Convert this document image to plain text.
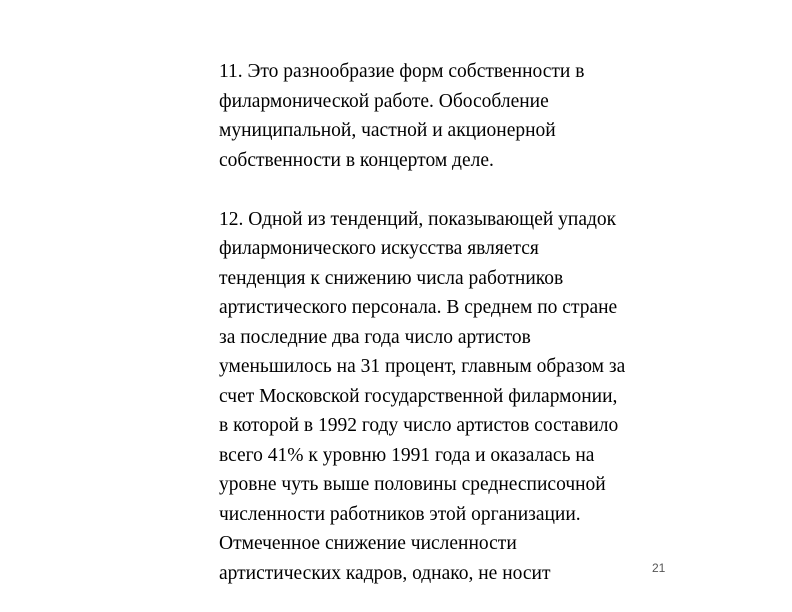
11. Это разнообразие форм собственности в
филармонической работе. Обособление
муниципальной, частной и акционерной
собственности в концертом деле.

12. Одной из тенденций, показывающей упадок
филармонического искусства является
тенденция к снижению числа работников
артистического персонала. В среднем по стране
за последние два года число артистов
уменьшилось на 31 процент, главным образом за
счет Московской государственной филармонии,
в которой в 1992 году число артистов составило
всего 41% к уровню 1991 года и оказалась на
уровне чуть выше половины среднесписочной
численности работников этой организации.
Отмеченное снижение численности
артистических кадров, однако, не носит	21
